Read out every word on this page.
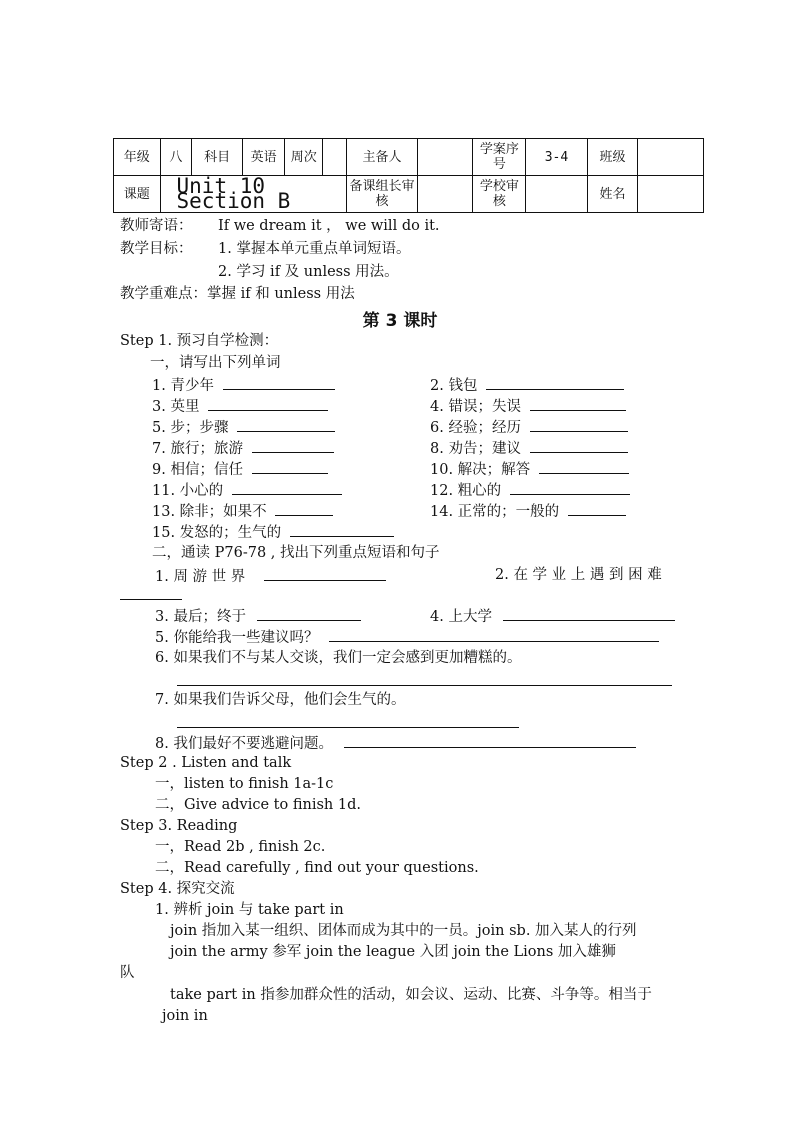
年级	八	科目	英语	周次		主备人		学案序号	3-4	班级	
课题	Unit 10 Section B					备课组长审核		学校审核		姓名	
教师寄语： If we dream it ， we will do it.
教学目标： 1. 掌握本单元重点单词短语。
2. 学习 if 及 unless 用法。
教学重难点：掌握 if 和 unless 用法
第 3 课时
Step 1. 预习自学检测：
一，请写出下列单词
1. 青少年	2. 钱包
3. 英里	4. 错误；失误
5. 步；步骤	6. 经验；经历
7. 旅行；旅游	8. 劝告；建议
9. 相信；信任	10. 解决；解答
11. 小心的	12. 粗心的
13. 除非；如果不	14. 正常的；一般的
15. 发怒的；生气的
二，通读 P76-78 , 找出下列重点短语和句子
1. 周 游 世 界	2. 在 学 业 上 遇 到 困 难
3. 最后；终于	4. 上大学
5. 你能给我一些建议吗？
6. 如果我们不与某人交谈，我们一定会感到更加糟糕的。
7. 如果我们告诉父母，他们会生气的。
8. 我们最好不要逃避问题。
Step 2 . Listen and talk
一，listen to finish 1a-1c
二，Give advice to finish 1d.
Step 3. Reading
一，Read 2b , finish 2c.
二，Read carefully , find out your questions.
Step 4. 探究交流
1. 辨析 join 与 take part in
join 指加入某一组织、团体而成为其中的一员。join sb. 加入某人的行列
join the army 参军 join the league 入团 join the Lions 加入雄狮
队
take part in 指参加群众性的活动，如会议、运动、比赛、斗争等。相当于
join in
